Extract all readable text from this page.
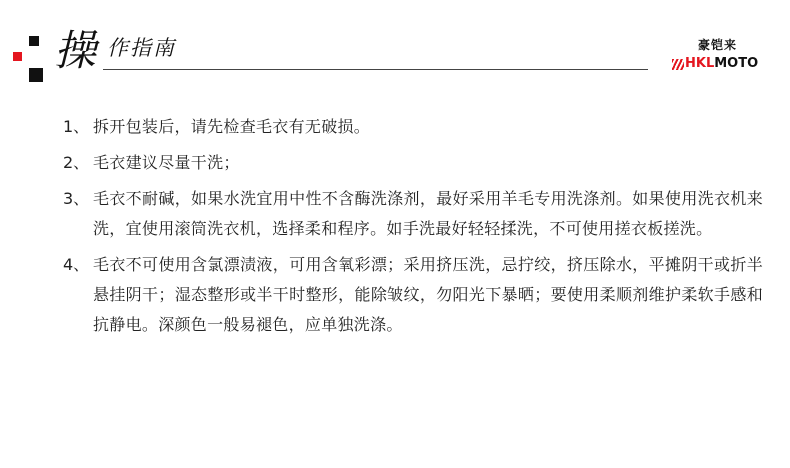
操 作指南	豪铠来
HKLMOTO
1、 拆开包装后，请先检查毛衣有无破损。
2、 毛衣建议尽量干洗；
3、 毛衣不耐碱，如果水洗宜用中性不含酶洗涤剂，最好采用羊毛专用洗涤剂。如果使用洗衣机来洗，宜使用滚筒洗衣机，选择柔和程序。如手洗最好轻轻揉洗，不可使用搓衣板搓洗。
4、 毛衣不可使用含氯漂渍液，可用含氧彩漂；采用挤压洗，忌拧绞，挤压除水，平摊阴干或折半悬挂阴干；湿态整形或半干时整形，能除皱纹，勿阳光下暴晒；要使用柔顺剂维护柔软手感和抗静电。深颜色一般易褪色，应单独洗涤。
